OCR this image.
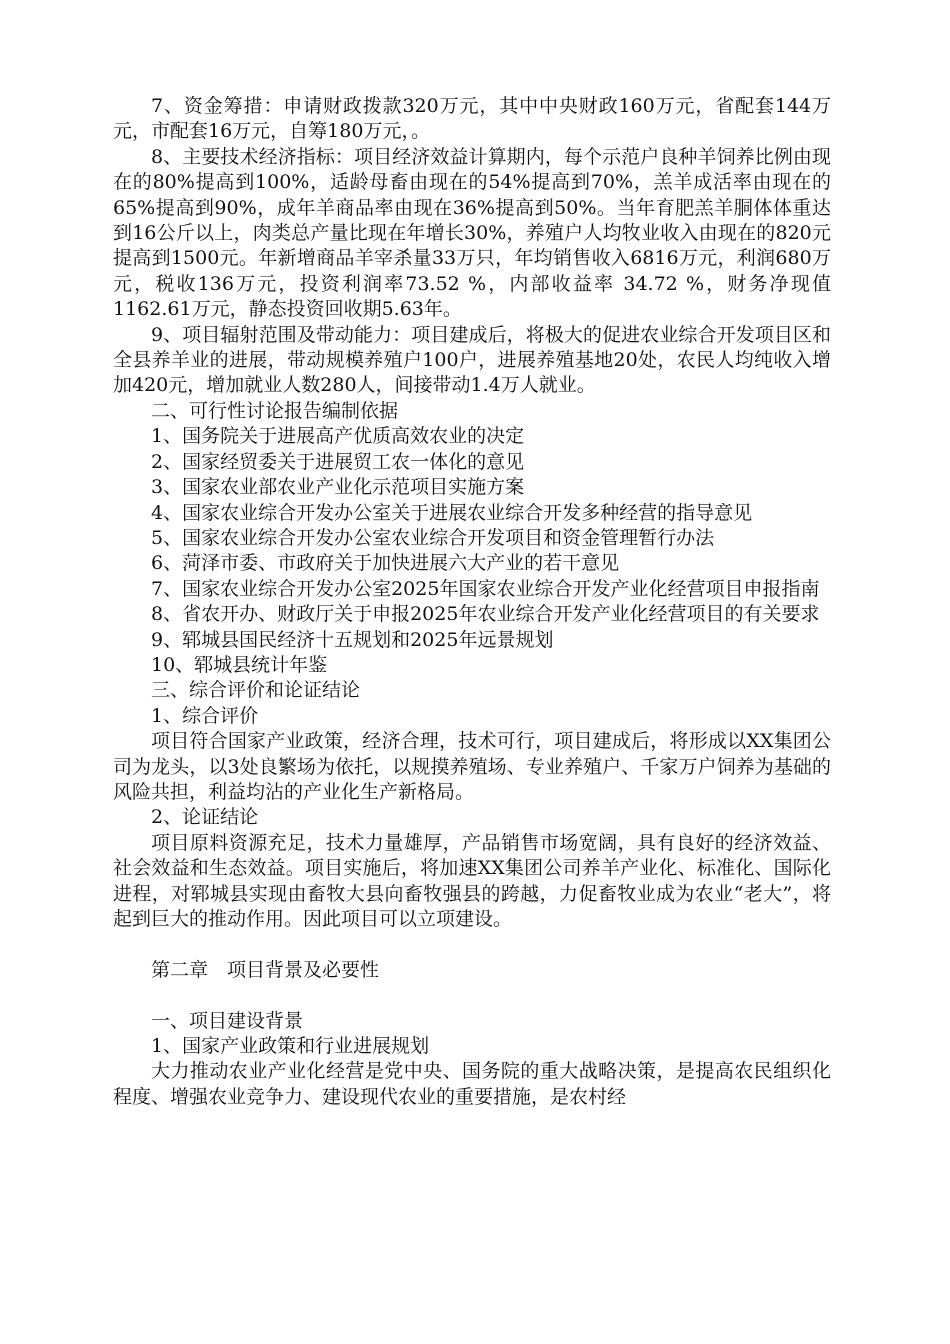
7、资金筹措：申请财政拨款320万元，其中中央财政160万元，省配套144万元，市配套16万元，自筹180万元，。

8、主要技术经济指标：项目经济效益计算期内，每个示范户良种羊饲养比例由现在的80%提高到100%，适龄母畜由现在的54%提高到70%，羔羊成活率由现在的65%提高到90%，成年羊商品率由现在36%提高到50%。当年育肥羔羊胴体体重达到16公斤以上，肉类总产量比现在年增长30%，养殖户人均牧业收入由现在的820元提高到1500元。年新增商品羊宰杀量33万只，年均销售收入6816万元，利润680万元，税收136万元，投资利润率73.52 %，内部收益率 34.72 %，财务净现值1162.61万元，静态投资回收期5.63年。

9、项目辐射范围及带动能力：项目建成后，将极大的促进农业综合开发项目区和全县养羊业的进展，带动规模养殖户100户，进展养殖基地20处，农民人均纯收入增加420元，增加就业人数280人，间接带动1.4万人就业。

二、可行性讨论报告编制依据

1、国务院关于进展高产优质高效农业的决定

2、国家经贸委关于进展贸工农一体化的意见

3、国家农业部农业产业化示范项目实施方案

4、国家农业综合开发办公室关于进展农业综合开发多种经营的指导意见

5、国家农业综合开发办公室农业综合开发项目和资金管理暂行办法

6、菏泽市委、市政府关于加快进展六大产业的若干意见

7、国家农业综合开发办公室2025年国家农业综合开发产业化经营项目申报指南

8、省农开办、财政厅关于申报2025年农业综合开发产业化经营项目的有关要求

9、郓城县国民经济十五规划和2025年远景规划

10、郓城县统计年鉴

三、综合评价和论证结论

1、综合评价

项目符合国家产业政策，经济合理，技术可行，项目建成后，将形成以XX集团公司为龙头，以3处良繁场为依托，以规摸养殖场、专业养殖户、千家万户饲养为基础的风险共担，利益均沾的产业化生产新格局。

2、论证结论

项目原料资源充足，技术力量雄厚，产品销售市场宽阔，具有良好的经济效益、社会效益和生态效益。项目实施后，将加速XX集团公司养羊产业化、标准化、国际化进程，对郓城县实现由畜牧大县向畜牧强县的跨越，力促畜牧业成为农业“老大”，将起到巨大的推动作用。因此项目可以立项建设。

第二章　项目背景及必要性

一、项目建设背景

1、国家产业政策和行业进展规划

大力推动农业产业化经营是党中央、国务院的重大战略决策，是提高农民组织化程度、增强农业竞争力、建设现代农业的重要措施，是农村经
